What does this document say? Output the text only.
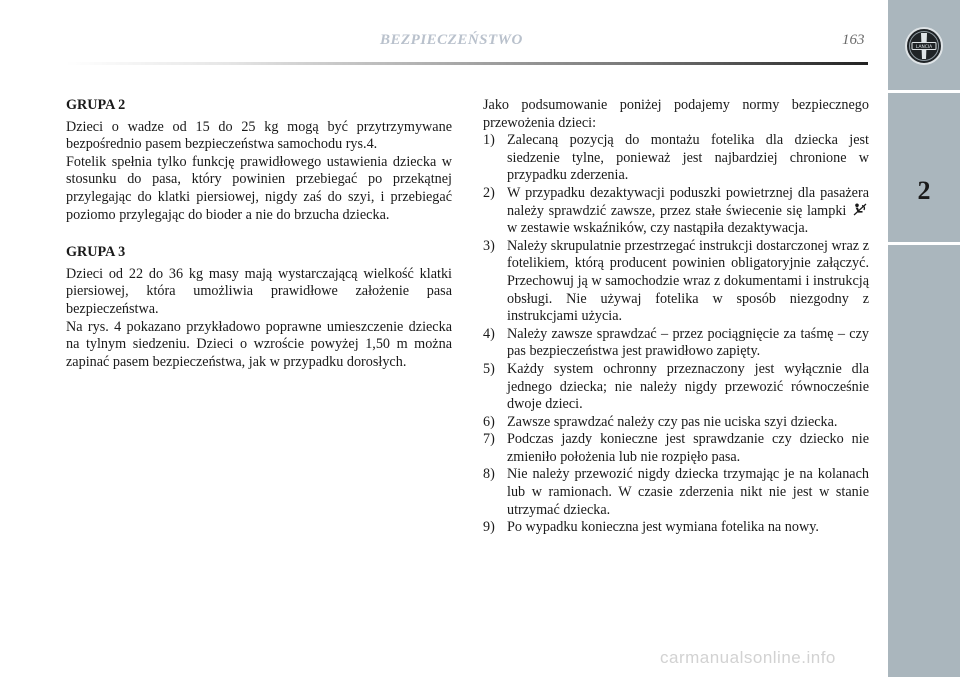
BEZPIECZEŃSTWO	163	LANCIA
2

GRUPA 2

Dzieci o wadze od 15 do 25 kg mogą być przytrzymywane bezpośrednio pasem bezpieczeństwa samochodu rys.4.

Fotelik spełnia tylko funkcję prawidłowego ustawienia dziecka w stosunku do pasa, który powinien przebiegać po przekątnej przylegając do klatki piersiowej, nigdy zaś do szyi, i przebiegać poziomo przylegając do bioder a nie do brzucha dziecka.

GRUPA 3

Dzieci od 22 do 36 kg masy mają wystarczającą wielkość klatki piersiowej, która umożliwia prawidłowe założenie pasa bezpieczeństwa.

Na rys. 4 pokazano przykładowo poprawne umieszczenie dziecka na tylnym siedzeniu. Dzieci o wzroście powyżej 1,50 m można zapinać pasem bezpieczeństwa, jak w przypadku dorosłych.

Jako podsumowanie poniżej podajemy normy bezpiecznego przewożenia dzieci:

1) Zalecaną pozycją do montażu fotelika dla dziecka jest siedzenie tylne, ponieważ jest najbardziej chronione w przypadku zderzenia.
2) W przypadku dezaktywacji poduszki powietrznej dla pasażera należy sprawdzić zawsze, przez stałe świecenie się lampki  w zestawie wskaźników, czy nastąpiła dezaktywacja.
3) Należy skrupulatnie przestrzegać instrukcji dostarczonej wraz z fotelikiem, którą producent powinien obligatoryjnie załączyć. Przechowuj ją w samochodzie wraz z dokumentami i instrukcją obsługi. Nie używaj fotelika w sposób niezgodny z instrukcjami użycia.
4) Należy zawsze sprawdzać – przez pociągnięcie za taśmę – czy pas bezpieczeństwa jest prawidłowo zapięty.
5) Każdy system ochronny przeznaczony jest wyłącznie dla jednego dziecka; nie należy nigdy przewozić równocześnie dwoje dzieci.
6) Zawsze sprawdzać należy czy pas nie uciska szyi dziecka.
7) Podczas jazdy konieczne jest sprawdzanie czy dziecko nie zmieniło położenia lub nie rozpięło pasa.
8) Nie należy przewozić nigdy dziecka trzymając je na kolanach lub w ramionach. W czasie zderzenia nikt nie jest w stanie utrzymać dziecka.
9) Po wypadku konieczna jest wymiana fotelika na nowy.
carmanualsonline.info
